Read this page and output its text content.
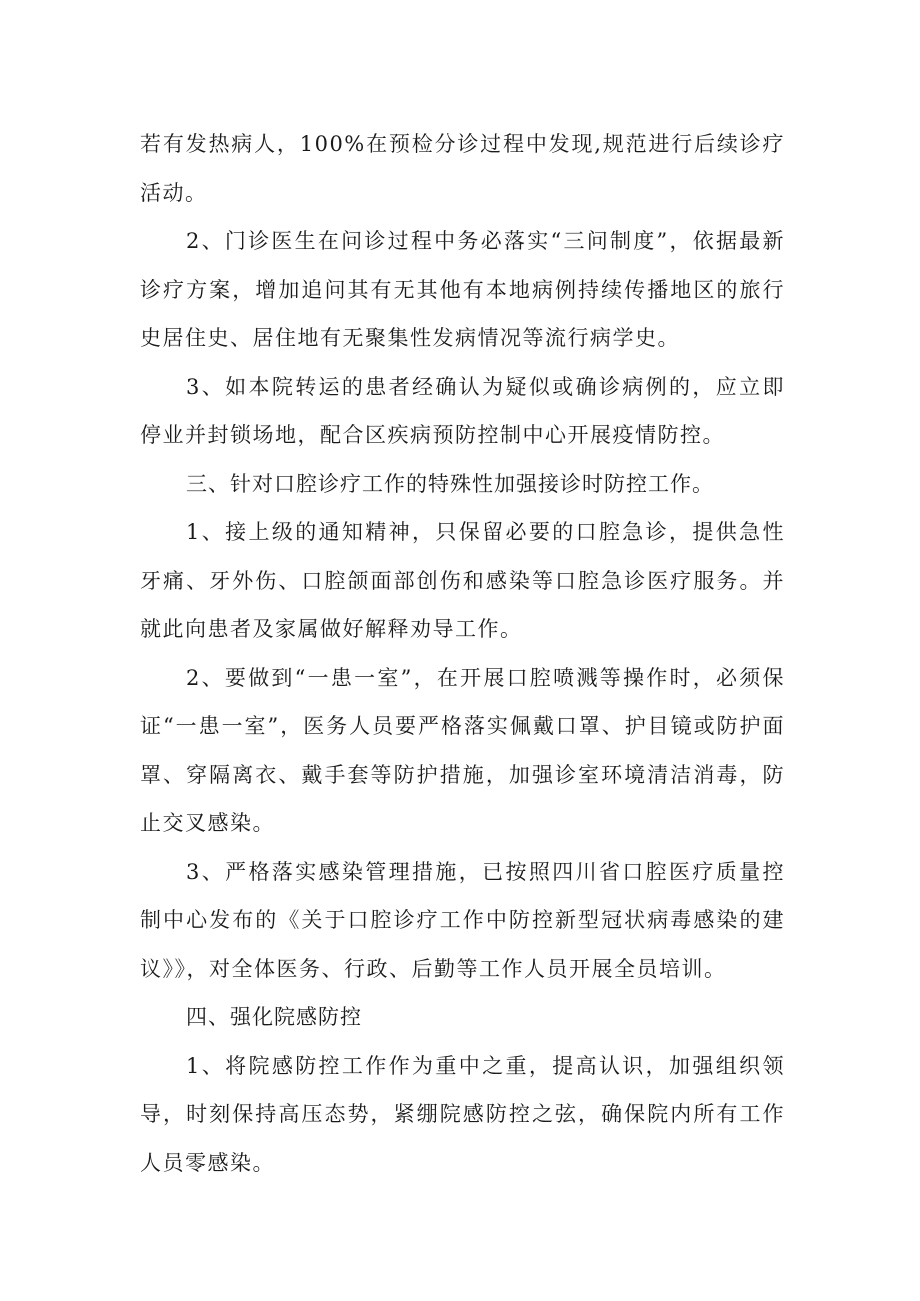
若有发热病人，100%在预检分诊过程中发现,规范进行后续诊疗活动。

2、门诊医生在问诊过程中务必落实“三问制度”，依据最新诊疗方案，增加追问其有无其他有本地病例持续传播地区的旅行史居住史、居住地有无聚集性发病情况等流行病学史。

3、如本院转运的患者经确认为疑似或确诊病例的，应立即停业并封锁场地，配合区疾病预防控制中心开展疫情防控。

三、针对口腔诊疗工作的特殊性加强接诊时防控工作。

1、接上级的通知精神，只保留必要的口腔急诊，提供急性牙痛、牙外伤、口腔颌面部创伤和感染等口腔急诊医疗服务。并就此向患者及家属做好解释劝导工作。

2、要做到“一患一室”，在开展口腔喷溅等操作时，必须保证“一患一室”，医务人员要严格落实佩戴口罩、护目镜或防护面罩、穿隔离衣、戴手套等防护措施，加强诊室环境清洁消毒，防止交叉感染。

3、严格落实感染管理措施，已按照四川省口腔医疗质量控制中心发布的《关于口腔诊疗工作中防控新型冠状病毒感染的建议》》，对全体医务、行政、后勤等工作人员开展全员培训。

四、强化院感防控

1、将院感防控工作作为重中之重，提高认识，加强组织领导，时刻保持高压态势，紧绷院感防控之弦，确保院内所有工作人员零感染。
